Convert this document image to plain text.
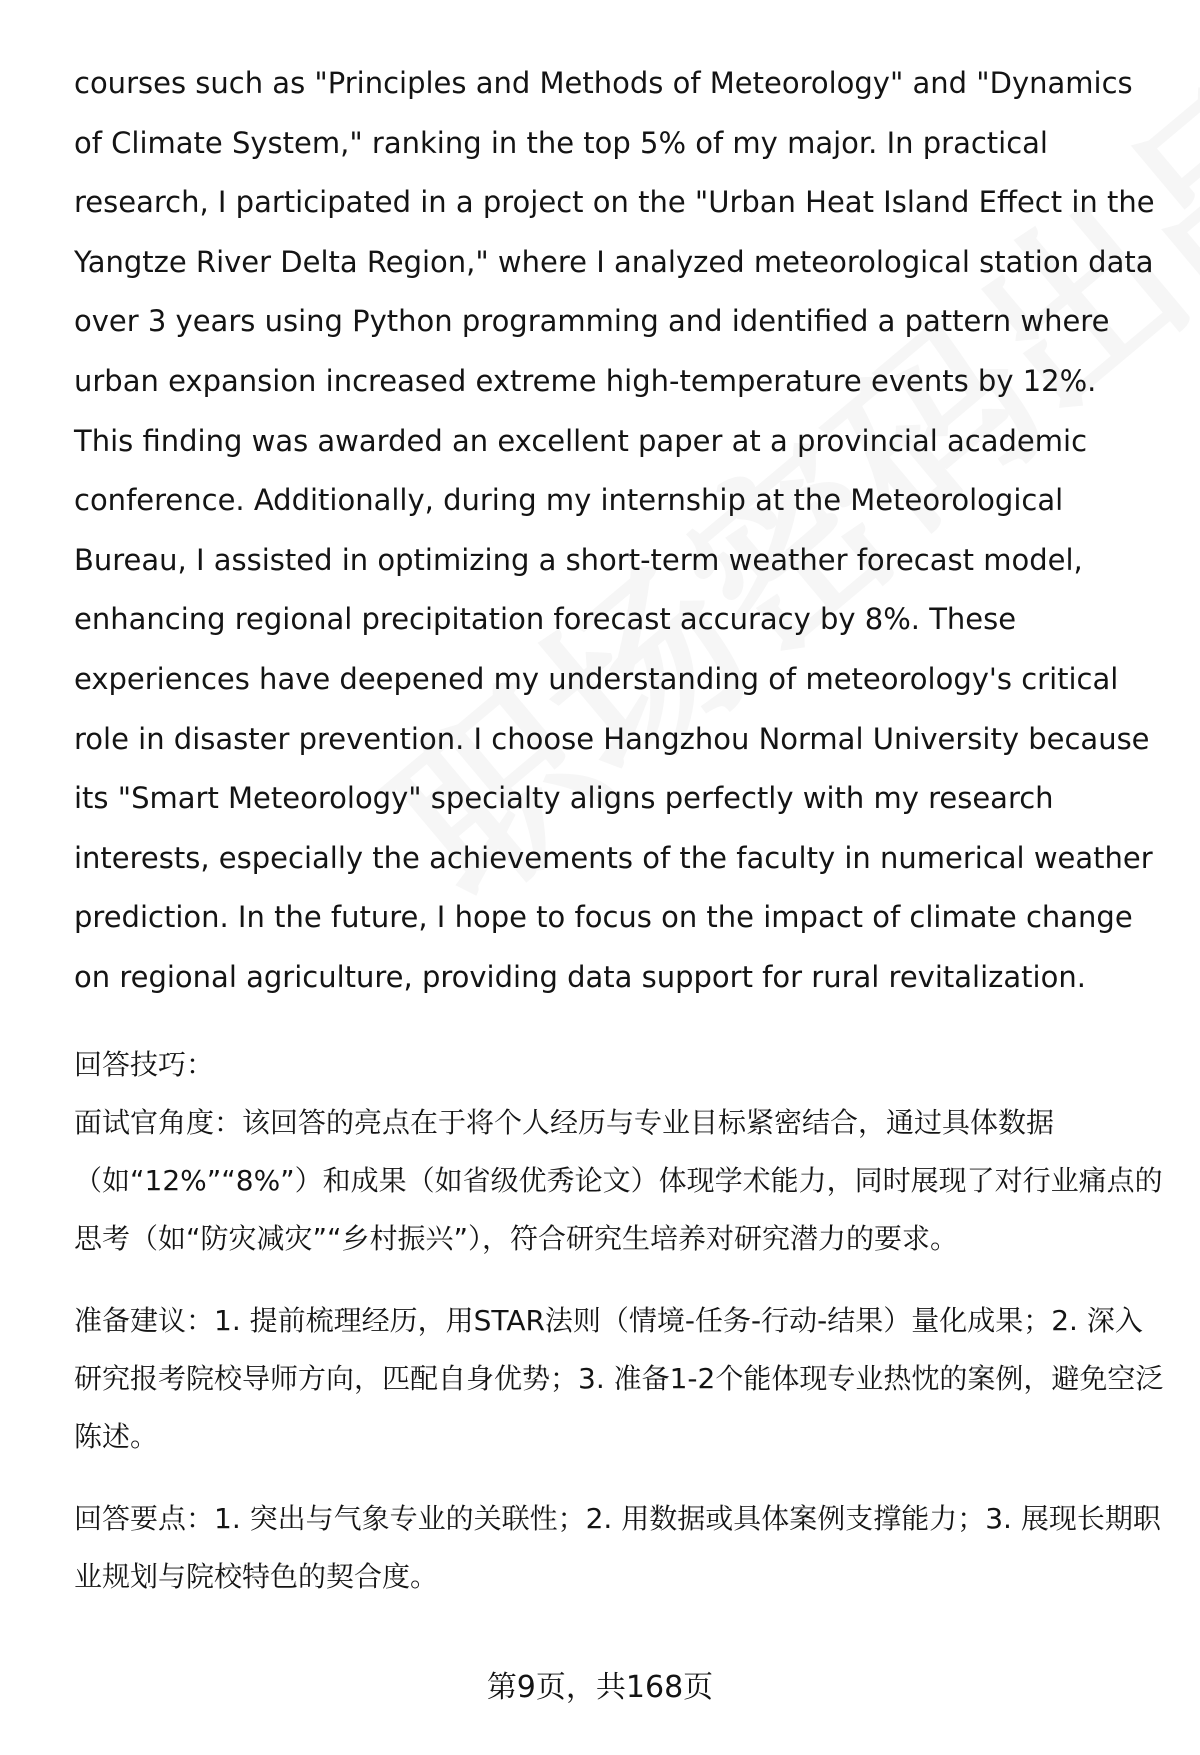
courses such as "Principles and Methods of Meteorology" and "Dynamics of Climate System," ranking in the top 5% of my major. In practical research, I participated in a project on the "Urban Heat Island Effect in the Yangtze River Delta Region," where I analyzed meteorological station data over 3 years using Python programming and identified a pattern where urban expansion increased extreme high-temperature events by 12%. This finding was awarded an excellent paper at a provincial academic conference. Additionally, during my internship at the Meteorological Bureau, I assisted in optimizing a short-term weather forecast model, enhancing regional precipitation forecast accuracy by 8%. These experiences have deepened my understanding of meteorology's critical role in disaster prevention. I choose Hangzhou Normal University because its "Smart Meteorology" specialty aligns perfectly with my research interests, especially the achievements of the faculty in numerical weather prediction. In the future, I hope to focus on the impact of climate change on regional agriculture, providing data support for rural revitalization.

回答技巧：

面试官角度：该回答的亮点在于将个人经历与专业目标紧密结合，通过具体数据（如“12%”“8%”）和成果（如省级优秀论文）体现学术能力，同时展现了对行业痛点的思考（如“防灾减灾”“乡村振兴”），符合研究生培养对研究潜力的要求。

准备建议：1. 提前梳理经历，用STAR法则（情境-任务-行动-结果）量化成果；2. 深入研究报考院校导师方向，匹配自身优势；3. 准备1-2个能体现专业热忱的案例，避免空泛陈述。

回答要点：1. 突出与气象专业的关联性；2. 用数据或具体案例支撑能力；3. 展现长期职业规划与院校特色的契合度。

第9页，共168页
